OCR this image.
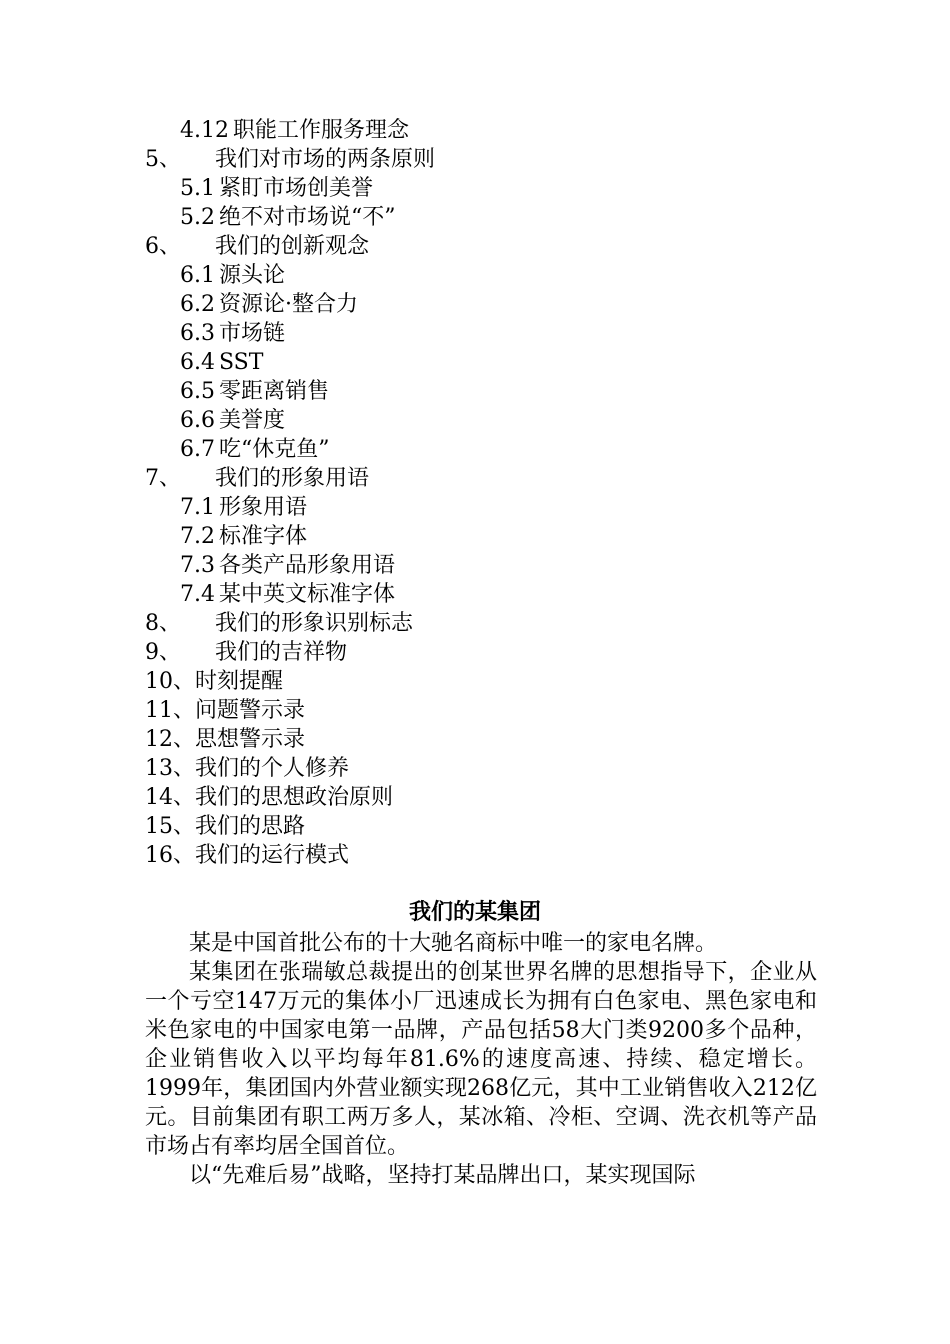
4.12 职能工作服务理念
5、 我们对市场的两条原则
5.1 紧盯市场创美誉
5.2 绝不对市场说“不”
6、 我们的创新观念
6.1 源头论
6.2 资源论·整合力
6.3 市场链
6.4 SST
6.5 零距离销售
6.6 美誉度
6.7 吃“休克鱼”
7、 我们的形象用语
7.1 形象用语
7.2 标准字体
7.3 各类产品形象用语
7.4 某中英文标准字体
8、 我们的形象识别标志
9、 我们的吉祥物
10、时刻提醒
11、问题警示录
12、思想警示录
13、我们的个人修养
14、我们的思想政治原则
15、我们的思路
16、我们的运行模式
我们的某集团

某是中国首批公布的十大驰名商标中唯一的家电名牌。

某集团在张瑞敏总裁提出的创某世界名牌的思想指导下，企业从一个亏空147万元的集体小厂迅速成长为拥有白色家电、黑色家电和米色家电的中国家电第一品牌，产品包括58大门类9200多个品种，企业销售收入以平均每年81.6%的速度高速、持续、稳定增长。1999年，集团国内外营业额实现268亿元，其中工业销售收入212亿元。目前集团有职工两万多人，某冰箱、冷柜、空调、洗衣机等产品市场占有率均居全国首位。

以“先难后易”战略，坚持打某品牌出口，某实现国际
